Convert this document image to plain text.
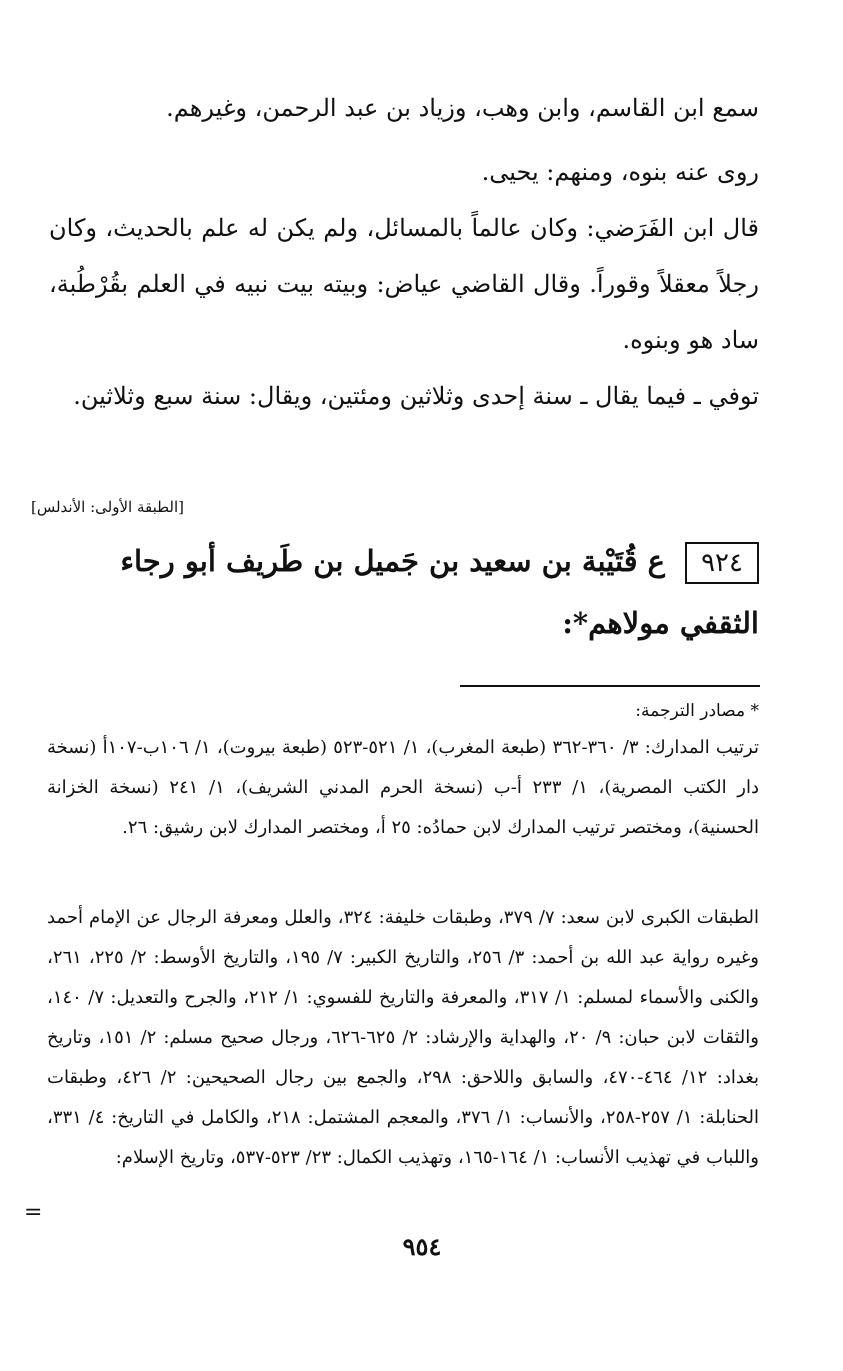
سمع ابن القاسم، وابن وهب، وزياد بن عبد الرحمن، وغيرهم.

روى عنه بنوه، ومنهم: يحيى.

قال ابن الفَرَضي: وكان عالماً بالمسائل، ولم يكن له علم بالحديث، وكان رجلاً معقلاً وقوراً. وقال القاضي عياض: وبيته بيت نبيه في العلم بقُرْطُبة، ساد هو وبنوه.

توفي ـ فيما يقال ـ سنة إحدى وثلاثين ومئتين، ويقال: سنة سبع وثلاثين.

[الطبقة الأولى: الأندلس]
٩٢٤ ع قُتَيْبة بن سعيد بن جَميل بن طَريف أبو رجاء الثقفي مولاهم*:
* مصادر الترجمة:

ترتيب المدارك: ٣/ ٣٦٠-٣٦٢ (طبعة المغرب)، ١/ ٥٢١-٥٢٣ (طبعة بيروت)، ١/ ١٠٦ب-١٠٧أ (نسخة دار الكتب المصرية)، ١/ ٢٣٣ أ-ب (نسخة الحرم المدني الشريف)، ١/ ٢٤١ (نسخة الخزانة الحسنية)، ومختصر ترتيب المدارك لابن حمادُه: ٢٥ أ، ومختصر المدارك لابن رشيق: ٢٦.

الطبقات الكبرى لابن سعد: ٧/ ٣٧٩، وطبقات خليفة: ٣٢٤، والعلل ومعرفة الرجال عن الإمام أحمد وغيره رواية عبد الله بن أحمد: ٣/ ٢٥٦، والتاريخ الكبير: ٧/ ١٩٥، والتاريخ الأوسط: ٢/ ٢٢٥، ٢٦١، والكنى والأسماء لمسلم: ١/ ٣١٧، والمعرفة والتاريخ للفسوي: ١/ ٢١٢، والجرح والتعديل: ٧/ ١٤٠، والثقات لابن حبان: ٩/ ٢٠، والهداية والإرشاد: ٢/ ٦٢٥-٦٢٦، ورجال صحيح مسلم: ٢/ ١٥١، وتاريخ بغداد: ١٢/ ٤٦٤-٤٧٠، والسابق واللاحق: ٢٩٨، والجمع بين رجال الصحيحين: ٢/ ٤٢٦، وطبقات الحنابلة: ١/ ٢٥٧-٢٥٨، والأنساب: ١/ ٣٧٦، والمعجم المشتمل: ٢١٨، والكامل في التاريخ: ٤/ ٣٣١، واللباب في تهذيب الأنساب: ١/ ١٦٤-١٦٥، وتهذيب الكمال: ٢٣/ ٥٢٣-٥٣٧، وتاريخ الإسلام:

=
٩٥٤
